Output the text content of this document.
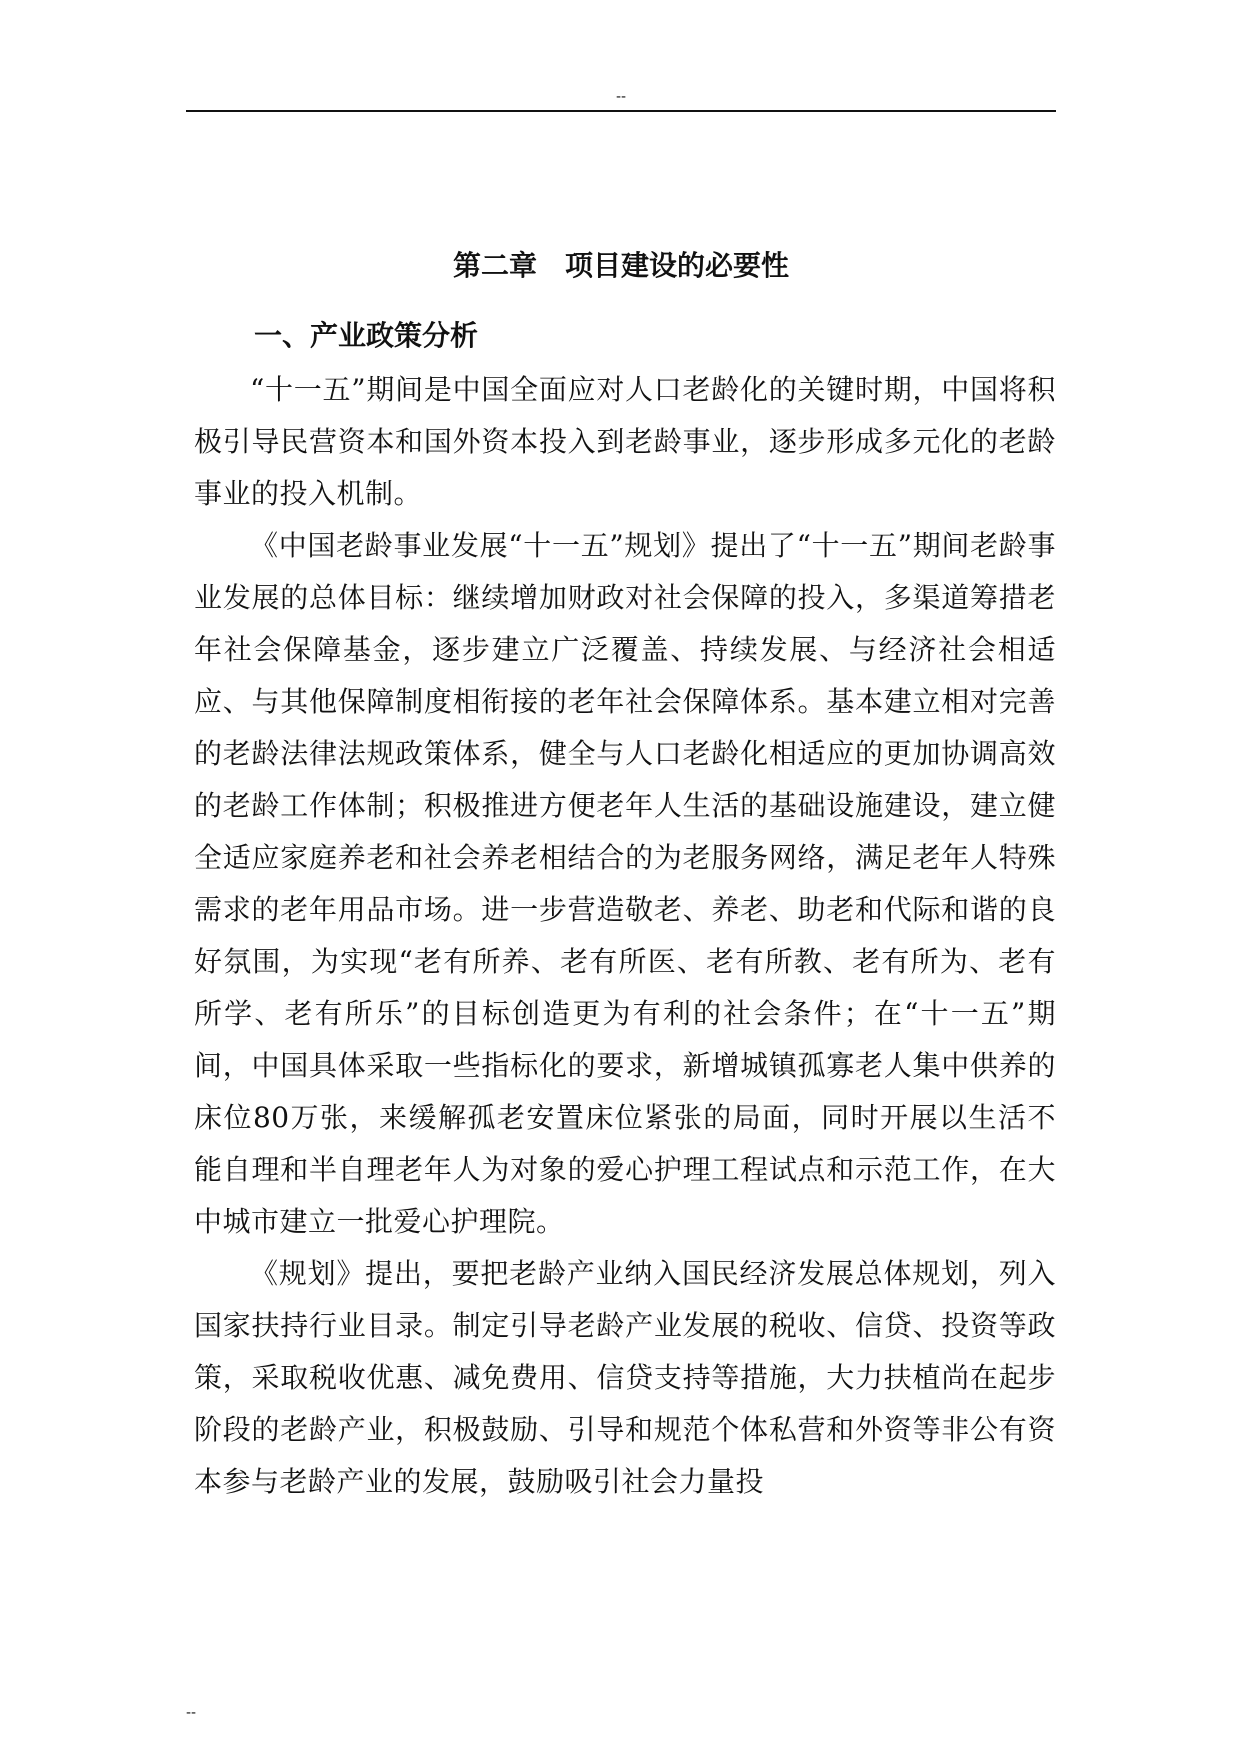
--
第二章　项目建设的必要性
一、产业政策分析

“十一五”期间是中国全面应对人口老龄化的关键时期，中国将积极引导民营资本和国外资本投入到老龄事业，逐步形成多元化的老龄事业的投入机制。

《中国老龄事业发展“十一五”规划》提出了“十一五”期间老龄事业发展的总体目标：继续增加财政对社会保障的投入，多渠道筹措老年社会保障基金，逐步建立广泛覆盖、持续发展、与经济社会相适应、与其他保障制度相衔接的老年社会保障体系。基本建立相对完善的老龄法律法规政策体系，健全与人口老龄化相适应的更加协调高效的老龄工作体制；积极推进方便老年人生活的基础设施建设，建立健全适应家庭养老和社会养老相结合的为老服务网络，满足老年人特殊需求的老年用品市场。进一步营造敬老、养老、助老和代际和谐的良好氛围，为实现“老有所养、老有所医、老有所教、老有所为、老有所学、老有所乐”的目标创造更为有利的社会条件；在“十一五”期间，中国具体采取一些指标化的要求，新增城镇孤寡老人集中供养的床位80万张，来缓解孤老安置床位紧张的局面，同时开展以生活不能自理和半自理老年人为对象的爱心护理工程试点和示范工作，在大中城市建立一批爱心护理院。

《规划》提出，要把老龄产业纳入国民经济发展总体规划，列入国家扶持行业目录。制定引导老龄产业发展的税收、信贷、投资等政策，采取税收优惠、减免费用、信贷支持等措施，大力扶植尚在起步阶段的老龄产业，积极鼓励、引导和规范个体私营和外资等非公有资本参与老龄产业的发展，鼓励吸引社会力量投

--
